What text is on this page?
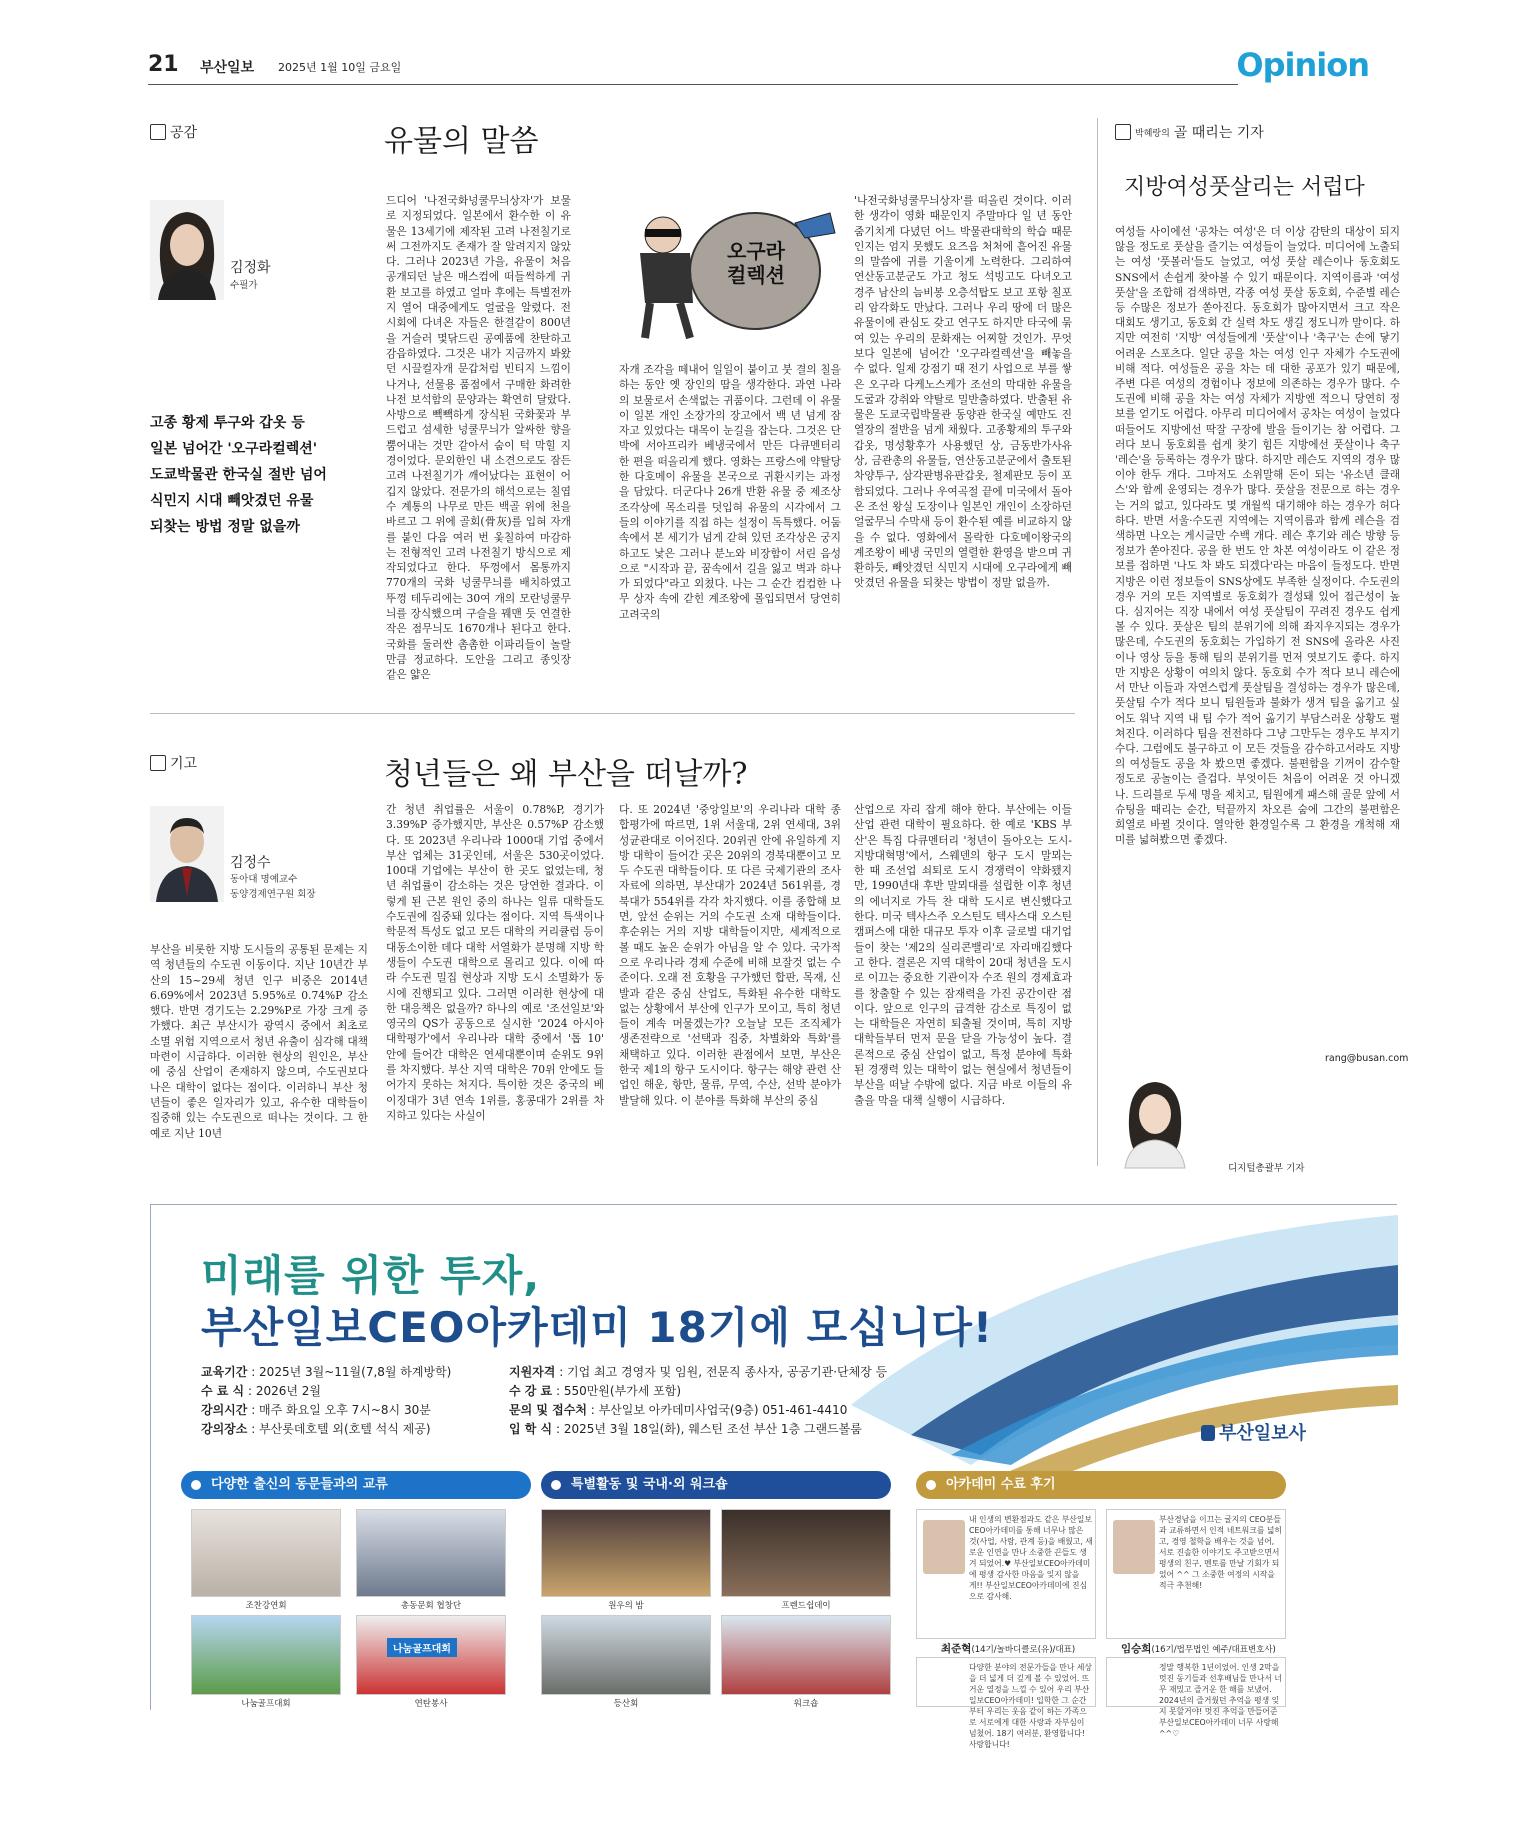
21 부산일보 2025년 1월 10일 금요일	Opinion
공감	유물의 말씀
김정화
수필가
고종 황제 투구와 갑옷 등
일본 넘어간 '오구라컬렉션'
도쿄박물관 한국실 절반 넘어
식민지 시대 빼앗겼던 유물
되찾는 방법 정말 없을까
드디어 '나전국화넝쿨무늬상자'가 보물로 지정되었다. 일본에서 환수한 이 유물은 13세기에 제작된 고려 나전칠기로써 그전까지도 존재가 잘 알려지지 않았다. 그러나 2023년 가을, 유물이 처음 공개되던 날은 매스컴에 떠들썩하게 귀환 보고를 하였고 얼마 후에는 특별전까지 열어 대중에게도 얼굴을 알렸다. 전시회에 다녀온 자들은 한결같이 800년을 거슬러 몇닦드린 공예품에 찬탄하고 감읍하였다. 그것은 내가 지금까지 봐왔던 시끌컬자개 문갑처럼 빈티지 느낌이 나거나, 선물용 품점에서 구매한 화려한 나전 보석함의 문양과는 확연히 달랐다. 사방으로 빽빽하게 장식된 국화꽃과 부드럽고 섬세한 넝쿨무늬가 알싸한 향을 뿜어내는 것만 같아서 숨이 턱 막힐 지경이었다. 문외한인 내 소견으로도 잠든 고려 나전칠기가 깨어났다는 표현이 어깁지 않았다. 전문가의 해석으로는 칠엽수 계통의 나무로 만든 백골 위에 천을 바르고 그 위에 골회(骨灰)를 입혀 자개를 붙인 다음 여러 번 옻칠하여 마감하는 전형적인 고려 나전칠기 방식으로 제작되었다고 한다. 뚜껑에서 몸통까지 770개의 국화 넝쿨무늬를 배치하였고 뚜껑 테두리에는 30여 개의 모란넝쿨무늬를 장식했으며 구슬을 꿰맨 듯 연결한 작은 점무늬도 1670개나 된다고 한다. 국화를 둘러싼 촘촘한 이파리들이 놀랄 만큼 정교하다. 도안을 그리고 종잇장 같은 얇은
오구라
컬렉션
자개 조각을 떼내어 일일이 붙이고 붓 결의 칠을 하는 동안 옛 장인의 땀을 생각한다. 과연 나라의 보물로서 손색없는 귀품이다. 그런데 이 유물이 일본 개인 소장가의 장고에서 백 년 넘게 잠자고 있었다는 대목이 눈길을 잡는다. 그것은 단박에 서아프리카 베냉국에서 만든 다큐멘터리 한 편을 떠올리게 했다. 영화는 프랑스에 약탈당한 다호메이 유물을 본국으로 귀환시키는 과정을 담았다. 더군다나 26개 반환 유물 중 제조상 조각상에 목소리를 덧입혀 유물의 시각에서 그들의 이야기를 직접 하는 설정이 독특했다. 어둠 속에서 본 세기가 넘게 갇혀 있던 조각상은 궁지하고도 낯은 그러나 분노와 비장함이 서린 음성으로 "시작과 끝, 꿈속에서 길을 잃고 벽과 하나가 되었다"라고 외쳤다. 나는 그 순간 컴컴한 나무 상자 속에 갇힌 계조왕에 몰입되면서 당연히 고려국의
'나전국화넝쿨무늬상자'를 떠올린 것이다. 이러한 생각이 영화 때문인지 주말마다 일 년 동안 줌기치게 다녔던 어느 박물관대학의 학습 때문인지는 엄지 못했도 요즈음 처처에 흩어진 유물의 말씀에 귀를 기울이게 노력한다. 그리하여 연산동고분군도 가고 청도 석빙고도 다녀오고 경주 남산의 늠비봉 오층석탑도 보고 포항 칠포리 암각화도 만났다. 그러나 우리 땅에 더 많은 유물이에 관심도 갖고 연구도 하지만 타국에 묶여 있는 우리의 문화재는 어찌할 것인가. 무엇보다 일본에 넘어간 '오구라컬렉션'을 빼놓을 수 없다. 일제 강점기 때 전기 사업으로 부를 쌓은 오구라 다케노스케가 조선의 막대한 유물을 도굴과 강취와 약탈로 밀반출하였다. 반출된 유물은 도쿄국립박물관 동양관 한국실 예만도 진열장의 절반을 넘게 채웠다. 고종황제의 투구와 갑옷, 명성황후가 사용했던 상, 금동반가사유상, 금관총의 유물들, 연산동고분군에서 출토된 차양투구, 삼각판병유판갑옷, 철제판모 등이 포함되었다. 그러나 우여곡절 끝에 미국에서 돌아온 조선 왕실 도장이나 일본인 개인이 소장하던 얼굴무늬 수막새 등이 환수된 예를 비교하지 않을 수 없다. 영화에서 몰락한 다호메이왕국의 계조왕이 베냉 국민의 열렬한 환영을 받으며 귀환하듯, 빼앗겼던 식민지 시대에 오구라에게 빼앗겼던 유물을 되찾는 방법이 정말 없을까.
기고	청년들은 왜 부산을 떠날까?
김정수
동아대 명예교수
동양경제연구원 회장
부산을 비롯한 지방 도시들의 공통된 문제는 지역 청년들의 수도권 이동이다. 지난 10년간 부산의 15~29세 청년 인구 비중은 2014년 6.69%에서 2023년 5.95%로 0.74%P 감소했다. 반면 경기도는 2.29%P로 가장 크게 증가했다. 최근 부산시가 광역시 중에서 최초로 소멸 위험 지역으로서 청년 유출이 심각해 대책 마련이 시급하다. 이러한 현상의 원인은, 부산에 중심 산업이 존재하지 않으며, 수도권보다 나은 대학이 없다는 점이다. 이러하니 부산 청년들이 좋은 일자리가 있고, 유수한 대학들이 집중해 있는 수도권으로 떠나는 것이다. 그 한 예로 지난 10년
간 청년 취업률은 서울이 0.78%P, 경기가 3.39%P 증가했지만, 부산은 0.57%P 감소했다. 또 2023년 우리나라 1000대 기업 중에서 부산 업체는 31곳인데, 서울은 530곳이었다. 100대 기업에는 부산이 한 곳도 없었는데, 청년 취업률이 감소하는 것은 당연한 결과다. 이렇게 된 근본 원인 중의 하나는 일류 대학들도 수도권에 집중돼 있다는 점이다. 지역 특색이나 학문적 특성도 없고 모든 대학의 커리큘럼 등이 대동소이한 데다 대학 서열화가 분명해 지방 학생들이 수도권 대학으로 몰리고 있다. 이에 따라 수도권 밀집 현상과 지방 도시 소멸화가 동시에 진행되고 있다. 그러면 이러한 현상에 대한 대응책은 없을까? 하나의 예로 '조선일보'와 영국의 QS가 공동으로 실시한 '2024 아시아 대학평가'에서 우리나라 대학 중에서 '톱 10' 안에 들어간 대학은 연세대뿐이며 순위도 9위를 차지했다. 부산 지역 대학은 70위 안에도 들어가지 못하는 처지다. 특이한 것은 중국의 베이징대가 3년 연속 1위를, 홍콩대가 2위를 차지하고 있다는 사실이
다. 또 2024년 '중앙일보'의 우리나라 대학 종합평가에 따르면, 1위 서울대, 2위 연세대, 3위 성균관대로 이어진다. 20위권 안에 유일하게 지방 대학이 들어간 곳은 20위의 경북대뿐이고 모두 수도권 대학들이다. 또 다른 국제기관의 조사 자료에 의하면, 부산대가 2024년 561위를, 경북대가 554위를 각각 차지했다. 이를 종합해 보면, 앞선 순위는 거의 수도권 소재 대학들이다. 후순위는 거의 지방 대학들이지만, 세계적으로 볼 때도 높은 순위가 아님을 알 수 있다. 국가적으로 우리나라 경제 수준에 비해 보잘것 없는 수준이다. 오래 전 호황을 구가했던 합판, 목재, 신발과 같은 중심 산업도, 특화된 유수한 대학도 없는 상황에서 부산에 인구가 모이고, 특히 청년들이 계속 머물겠는가? 오늘날 모든 조직체가 생존전략으로 '선택과 집중, 차별화와 특화'를 채택하고 있다. 이러한 관점에서 보면, 부산은 한국 제1의 항구 도시이다. 항구는 해양 관련 산업인 해운, 항만, 물류, 무역, 수산, 선박 분야가 발달해 있다. 이 분야를 특화해 부산의 중심
산업으로 자리 잡게 해야 한다. 부산에는 이들 산업 관련 대학이 필요하다. 한 예로 'KBS 부산'은 특집 다큐멘터리 '청년이 돌아오는 도시-지방대혁명'에서, 스웨덴의 항구 도시 말뫼는 한 때 조선업 쇠퇴로 도시 경쟁력이 약화됐지만, 1990년대 후반 말뫼대를 설립한 이후 청년의 에너지로 가득 찬 대학 도시로 변신했다고 한다. 미국 텍사스주 오스틴도 텍사스대 오스틴캠퍼스에 대한 대규모 투자 이후 글로벌 대기업들이 찾는 '제2의 실리콘밸리'로 자리매김했다고 한다. 결론은 지역 대학이 20대 청년을 도시로 이끄는 중요한 기관이자 수조 원의 경제효과를 창출할 수 있는 잠재력을 가진 공간이란 점이다. 앞으로 인구의 급격한 감소로 특징이 없는 대학들은 자연히 퇴출될 것이며, 특히 지방 대학들부터 먼저 문을 닫을 가능성이 높다. 결론적으로 중심 산업이 없고, 특정 분야에 특화된 경쟁력 있는 대학이 없는 현실에서 청년들이 부산을 떠날 수밖에 없다. 지금 바로 이들의 유출을 막을 대책 실행이 시급하다.
박혜랑의 골 때리는 기자
지방여성풋살리는 서럽다
여성들 사이에선 '공차는 여성'은 더 이상 감탄의 대상이 되지 않을 정도로 풋살을 즐기는 여성들이 늘었다. 미디어에 노출되는 여성 '풋볼러'들도 늘었고, 여성 풋살 레슨이나 동호회도 SNS에서 손쉽게 찾아볼 수 있기 때문이다. 지역이름과 '여성 풋살'을 조합해 검색하면, 각종 여성 풋살 동호회, 수준별 레슨 등 수많은 정보가 쏟아진다. 동호회가 많아지면서 크고 작은 대회도 생기고, 동호회 간 실력 차도 생길 정도니까 말이다. 하지만 여전히 '지방' 여성들에게 '풋살'이나 '축구'는 손에 닿기 어려운 스포츠다. 일단 공을 차는 여성 인구 자체가 수도권에 비해 적다. 여성들은 공을 차는 데 대한 공포가 있기 때문에, 주변 다른 여성의 경험이나 정보에 의존하는 경우가 많다. 수도권에 비해 공을 차는 여성 자체가 지방엔 적으니 당연히 정보를 얻기도 어렵다. 아무리 미디어에서 공차는 여성이 늘었다 떠들어도 지방에선 딱잘 구장에 발을 들이기는 참 어렵다. 그러다 보니 동호회를 쉽게 찾기 힘든 지방에선 풋살이나 축구 '레슨'을 등록하는 경우가 많다. 하지만 레슨도 지역의 경우 많이야 한두 개다. 그마저도 소위말해 돈이 되는 '유소년 클래스'와 함께 운영되는 경우가 많다. 풋살을 전문으로 하는 경우는 거의 없고, 있다라도 몇 개월씩 대기해야 하는 경우가 허다하다. 반면 서울·수도권 지역에는 지역이름과 함께 레슨을 검색하면 나오는 게시글만 수백 개다. 레슨 후기와 레슨 방향 등 정보가 쏟아진다. 공을 한 번도 안 차본 여성이라도 이 같은 정보를 접하면 '나도 차 봐도 되겠다'라는 마음이 들정도다. 반면 지방은 이런 정보들이 SNS상에도 부족한 실정이다. 수도권의 경우 거의 모든 지역별로 동호회가 결성돼 있어 접근성이 높다. 심지어는 직장 내에서 여성 풋살팀이 꾸려진 경우도 쉽게 볼 수 있다. 풋살은 팀의 분위기에 의해 좌지우지되는 경우가 많은데, 수도권의 동호회는 가입하기 전 SNS에 올라온 사진이나 영상 등을 통해 팀의 분위기를 먼저 엿보기도 좋다. 하지만 지방은 상황이 여의치 않다. 동호회 수가 적다 보니 레슨에서 만난 이들과 자연스럽게 풋살팀을 결성하는 경우가 많은데, 풋살팀 수가 적다 보니 팀원들과 불화가 생겨 팀을 옮기고 싶어도 워낙 지역 내 팀 수가 적어 옮기기 부담스러운 상황도 펼쳐진다. 이러하다 팀을 전전하다 그냥 그만두는 경우도 부지기수다. 그럼에도 불구하고 이 모든 것들을 감수하고서라도 지방의 여성들도 공을 차 봤으면 좋겠다. 불편함을 기꺼이 감수할 정도로 공놀이는 즐겁다. 부엇이든 처음이 어려운 것 아니겠나. 드리블로 두세 명을 제치고, 팀원에게 패스해 골문 앞에 서 슈팅을 때리는 순간, 턱끝까지 차오른 숨에 그간의 불편함은 희열로 바뀔 것이다. 열악한 환경일수록 그 환경을 개척해 재미를 넓혀봤으면 좋겠다.
rang@busan.com
디지털총괄부 기자
미래를 위한 투자,
부산일보CEO아카데미 18기에 모십니다!
교육기간 : 2025년 3월~11월(7,8월 하계방학)
수 료 식 : 2026년 2월
강의시간 : 매주 화요일 오후 7시~8시 30분
강의장소 : 부산롯데호텔 외(호텔 석식 제공)
지원자격 : 기업 최고 경영자 및 임원, 전문직 종사자, 공공기관·단체장 등
수 강 료 : 550만원(부가세 포함)
문의 및 접수처 : 부산일보 아카데미사업국(9층) 051-461-4410
입 학 식 : 2025년 3월 18일(화), 웨스틴 조선 부산 1층 그랜드볼룸	부산일보사
다양한 출신의 동문들과의 교류	특별활동 및 국내·외 워크숍	아카데미 수료 후기
조찬강연회	총동문회 협창단
나눔골프대회
나눔골프대회
연탄봉사
원우의 밤	프렌드쉽데이
등산회	워크숍
내 인생의 변환점과도 같은 부산일보 CEO아카데미를 통해 너무나 많은 것(사업, 사람, 관계 등)을 배웠고, 새로운 인연을 만나 소중한 끈들도 생겨 되었어.♥ 부산일보CEO아카데미에 평생 감사한 마음을 잊지 않을게!! 부산일보CEO아카데미에 진심으로 감사해.
최준혁(14기/놀바디클로(유)/대표)
부산경남을 이끄는 굴지의 CEO분들과 교류하면서 인적 네트워크를 넓히고, 경영 철학을 배우는 것을 넘어, 서로 진솔한 이야기도 주고받으면서 평생의 친구, 멘토를 만날 기회가 되었어 ^^ 그 소중한 여정의 시작을 적극 추천해!
임승희(16기/법무법인 예주/대표변호사)
다양한 분야의 전문가들을 만나 세상을 더 넓게 더 깊게 볼 수 있었어. 뜨거운 열정을 느낄 수 있어 우리 부산일보CEO아카데미! 입학한 그 순간부터 우리는 웃음 같이 하는 가족으로 서로에게 대한 사랑과 자부심이 넘쳤어. 18기 여러분, 환영합니다! 사랑합니다!
정말 행복한 1년이었어. 인생 2막을 멋진 동기들과 선후배님들 만나서 너무 재밌고 즐거운 한 해를 보냈어. 2024년의 즐거웠던 추억을 평생 잊지 못할거야! 멋진 추억을 만들어준 부산일보CEO아카데미 너무 사랑해 ^^♡
